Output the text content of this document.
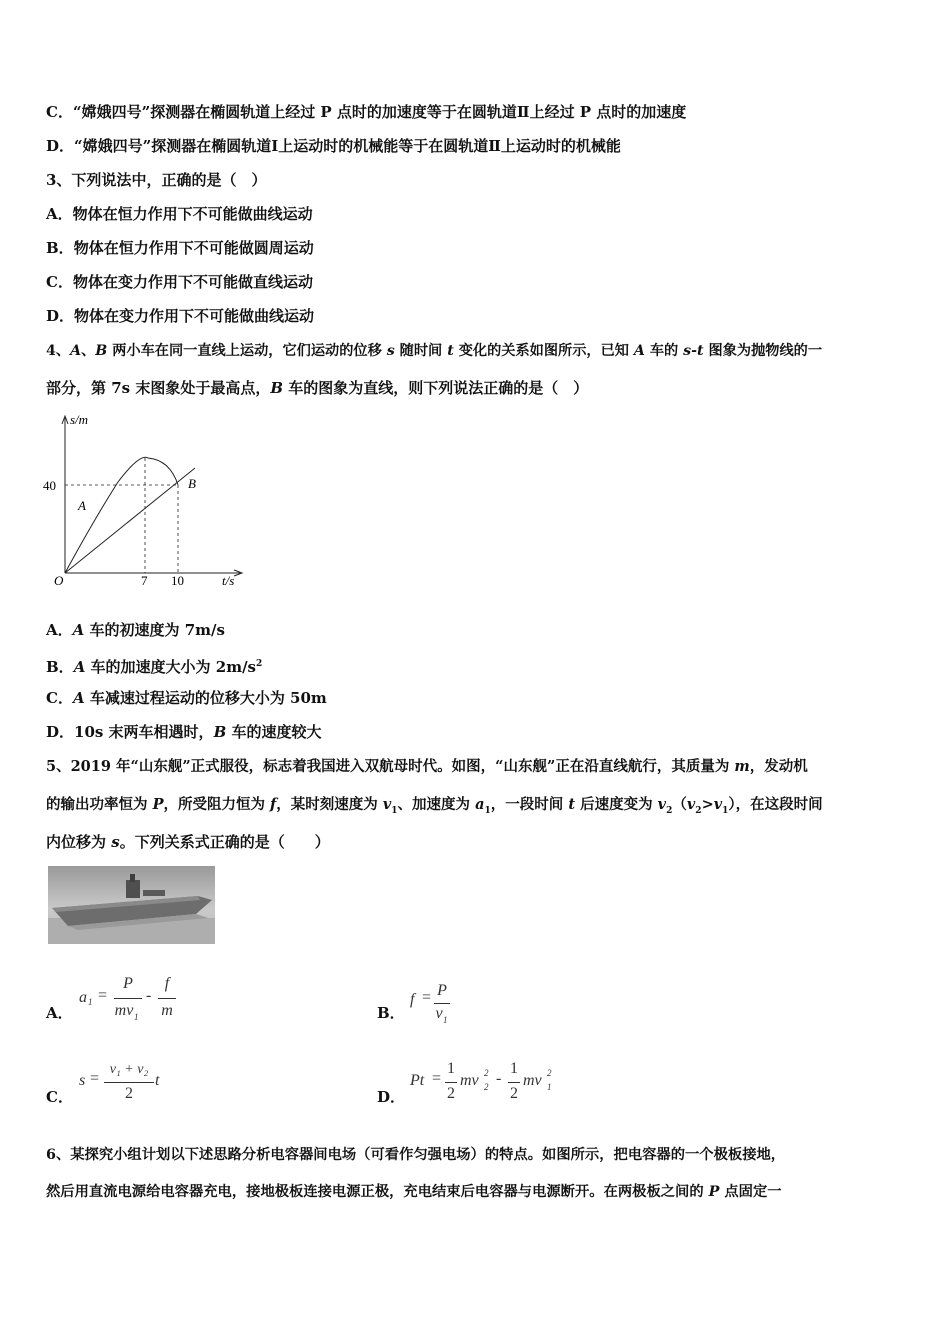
C．“嫦娥四号”探测器在椭圆轨道上经过 P 点时的加速度等于在圆轨道Ⅱ上经过 P 点时的加速度
D．“嫦娥四号”探测器在椭圆轨道Ⅰ上运动时的机械能等于在圆轨道Ⅱ上运动时的机械能
3、下列说法中，正确的是（　）
A．物体在恒力作用下不可能做曲线运动
B．物体在恒力作用下不可能做圆周运动
C．物体在变力作用下不可能做直线运动
D．物体在变力作用下不可能做曲线运动
4、A、B 两小车在同一直线上运动，它们运动的位移 s 随时间 t 变化的关系如图所示，已知 A 车的 s-t 图象为抛物线的一
部分，第 7s 末图象处于最高点，B 车的图象为直线，则下列说法正确的是（　）
s/m
t/s
O
40
7 10
A
B
A．A 车的初速度为 7m/s
B．A 车的加速度大小为 $2m/s^2$
C．A 车减速过程运动的位移大小为 50m
D．10s 末两车相遇时，B 车的速度较大
5、2019 年“山东舰”正式服役，标志着我国进入双航母时代。如图，“山东舰”正在沿直线航行，其质量为 m，发动机
的输出功率恒为 P，所受阻力恒为 f，某时刻速度为 $v_1$、加速度为 $a_1$，一段时间 t 后速度变为 $v_2(v_2>v_1)$，在这段时间
内位移为 s。下列关系式正确的是（　　）
A．
a 1 =
P
mv 1
-
f
m	B．
f = P
v 1
C．
s =
v₁ + v₂
2
t
D．
Pt =
1
2
mv 2
2 -
1
2
mv 2
1
6、某探究小组计划以下述思路分析电容器间电场（可看作匀强电场）的特点。如图所示，把电容器的一个极板接地，
然后用直流电源给电容器充电，接地极板连接电源正极，充电结束后电容器与电源断开。在两极板之间的 P 点固定一
